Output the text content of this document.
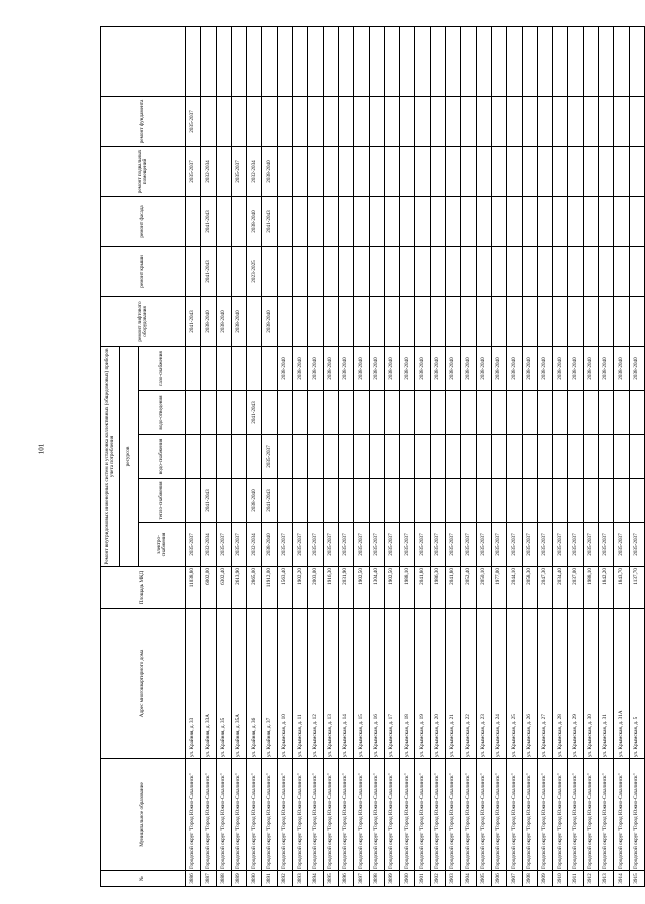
101
№	Муниципальное образование	Адрес многоквартирного дома	Площадь МКД	Ремонт внутридомовых инженерных систем и установка коллективных (общедомовых) приборов учета потребления					ремонт лифтового оборудования	ремонт крыши	ремонт фасада	ремонт подвальных помещений	ремонт фундамента	
				ресурсов										
				электро-снабжения	тепло-снабжения	водо-снабжения	водо-отведения	газо-снабжения						
3886	Городской округ "Город Южно-Сахалинск"	ул. Крайняя, д. 33	11038,80	2035-2037					2041-2043			2035-2037	2035-2037	
3887	Городской округ "Город Южно-Сахалинск"	ул. Крайняя, д. 33А	6002,00	2032-2034	2041-2043				2038-2040	2041-2043	2041-2043	2032-2034		
3888	Городской округ "Город Южно-Сахалинск"	ул. Крайняя, д. 35	6302,40	2035-2037					2038-2040					
3889	Городской округ "Город Южно-Сахалинск"	ул. Крайняя, д. 35А	2613,90	2035-2037					2038-2040			2035-2037		
3890	Городской округ "Город Южно-Сахалинск"	ул. Крайняя, д. 36	2865,00	2032-2034	2038-2040		2041-2043			2023-2025	2038-2040	2032-2034		
3891	Городской округ "Город Южно-Сахалинск"	ул. Крайняя, д. 37	11912,00	2038-2040	2041-2043	2035-2037			2038-2040		2041-2043	2038-2040		
3892	Городской округ "Город Южно-Сахалинск"	ул. Крымская, д. 10	1563,40	2035-2037				2038-2040						
3893	Городской округ "Город Южно-Сахалинск"	ул. Крымская, д. 11	1902,20	2035-2037				2038-2040						
3894	Городской округ "Город Южно-Сахалинск"	ул. Крымская, д. 12	2003,00	2035-2037				2038-2040						
3895	Городской округ "Город Южно-Сахалинск"	ул. Крымская, д. 13	1916,30	2035-2037				2038-2040						
3896	Городской округ "Город Южно-Сахалинск"	ул. Крымская, д. 14	2031,90	2035-2037				2038-2040						
3897	Городской округ "Город Южно-Сахалинск"	ул. Крымская, д. 15	1902,50	2035-2037				2038-2040						
3898	Городской округ "Город Южно-Сахалинск"	ул. Крымская, д. 16	1304,40	2035-2037				2038-2040						
3899	Городской округ "Город Южно-Сахалинск"	ул. Крымская, д. 17	1902,50	2035-2037				2038-2040						
3900	Городской округ "Город Южно-Сахалинск"	ул. Крымская, д. 18	1988,10	2035-2037				2038-2040						
3901	Городской округ "Город Южно-Сахалинск"	ул. Крымская, д. 19	2041,80	2035-2037				2038-2040						
3902	Городской округ "Город Южно-Сахалинск"	ул. Крымская, д. 20	1986,30	2035-2037				2038-2040						
3903	Городской округ "Город Южно-Сахалинск"	ул. Крымская, д. 21	2041,80	2035-2037				2038-2040						
3904	Городской округ "Город Южно-Сахалинск"	ул. Крымская, д. 22	2052,40	2035-2037				2038-2040						
3905	Городской округ "Город Южно-Сахалинск"	ул. Крымская, д. 23	2050,10	2035-2037				2038-2040						
3906	Городской округ "Город Южно-Сахалинск"	ул. Крымская, д. 24	1977,00	2035-2037				2038-2040						
3907	Городской округ "Город Южно-Сахалинск"	ул. Крымская, д. 25	2044,10	2035-2037				2038-2040						
3908	Городской округ "Город Южно-Сахалинск"	ул. Крымская, д. 26	2058,30	2035-2037				2038-2040						
3909	Городской округ "Город Южно-Сахалинск"	ул. Крымская, д. 27	2047,30	2035-2037				2038-2040						
3910	Городской округ "Город Южно-Сахалинск"	ул. Крымская, д. 28	2034,40	2035-2037				2038-2040						
3911	Городской округ "Город Южно-Сахалинск"	ул. Крымская, д. 29	2037,00	2035-2037				2038-2040						
3912	Городской округ "Город Южно-Сахалинск"	ул. Крымская, д. 30	1988,10	2035-2037				2038-2040						
3913	Городской округ "Город Южно-Сахалинск"	ул. Крымская, д. 31	1842,20	2035-2037				2038-2040						
3914	Городской округ "Город Южно-Сахалинск"	ул. Крымская, д. 31А	1843,70	2035-2037				2038-2040						
3915	Городской округ "Город Южно-Сахалинск"	ул. Крымская, д. 5	1137,70	2035-2037				2038-2040						
